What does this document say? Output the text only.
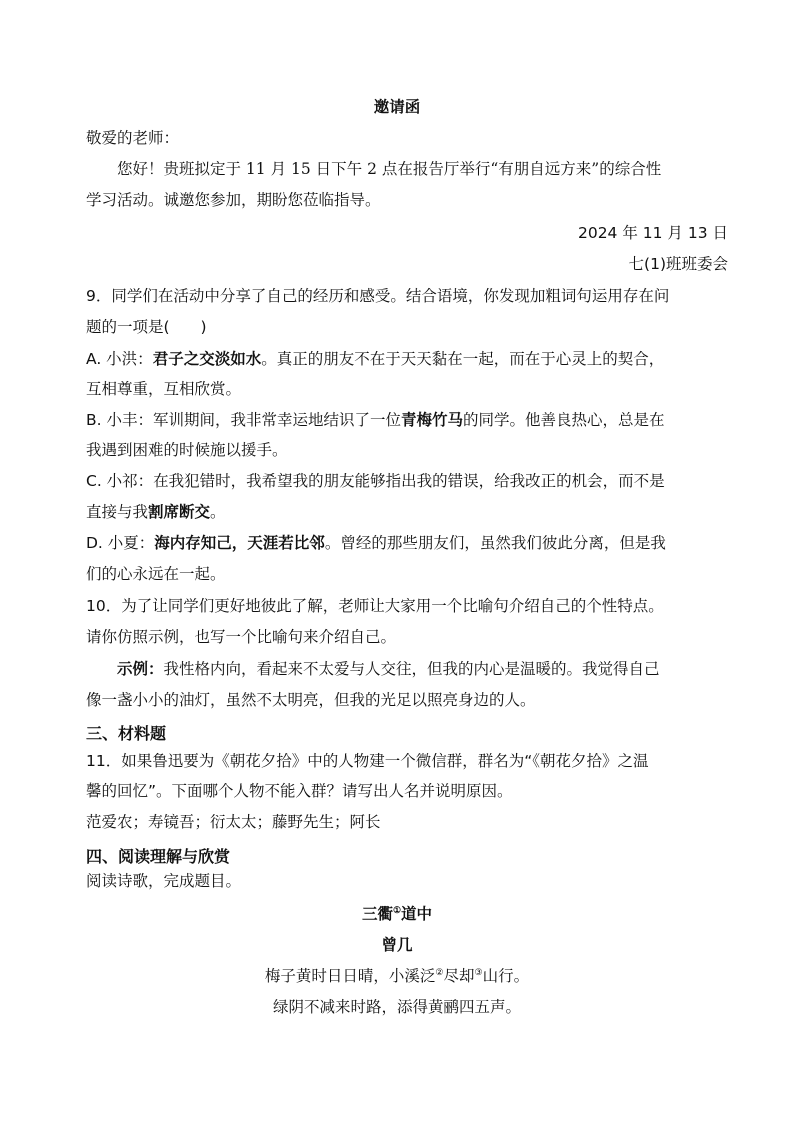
邀请函
敬爱的老师：
您好！贵班拟定于 11 月 15 日下午 2 点在报告厅举行“有朋自远方来”的综合性
学习活动。诚邀您参加，期盼您莅临指导。
2024 年 11 月 13 日
七(1)班班委会
9．同学们在活动中分享了自己的经历和感受。结合语境，你发现加粗词句运用存在问
题的一项是(　　)
A. 小洪：君子之交淡如水。真正的朋友不在于天天黏在一起，而在于心灵上的契合，
互相尊重，互相欣赏。
B. 小丰：军训期间，我非常幸运地结识了一位青梅竹马的同学。他善良热心，总是在
我遇到困难的时候施以援手。
C. 小祁：在我犯错时，我希望我的朋友能够指出我的错误，给我改正的机会，而不是
直接与我割席断交。
D. 小夏：海内存知己，天涯若比邻。曾经的那些朋友们，虽然我们彼此分离，但是我
们的心永远在一起。
10．为了让同学们更好地彼此了解，老师让大家用一个比喻句介绍自己的个性特点。
请你仿照示例，也写一个比喻句来介绍自己。
示例：我性格内向，看起来不太爱与人交往，但我的内心是温暖的。我觉得自己
像一盏小小的油灯，虽然不太明亮，但我的光足以照亮身边的人。
三、材料题
11．如果鲁迅要为《朝花夕拾》中的人物建一个微信群，群名为“《朝花夕拾》之温
馨的回忆”。下面哪个人物不能入群？请写出人名并说明原因。
范爱农；寿镜吾；衍太太；藤野先生；阿长
四、阅读理解与欣赏
阅读诗歌，完成题目。
三衢①道中
曾几
梅子黄时日日晴，小溪泛②尽却③山行。
绿阴不减来时路，添得黄鹂四五声。
